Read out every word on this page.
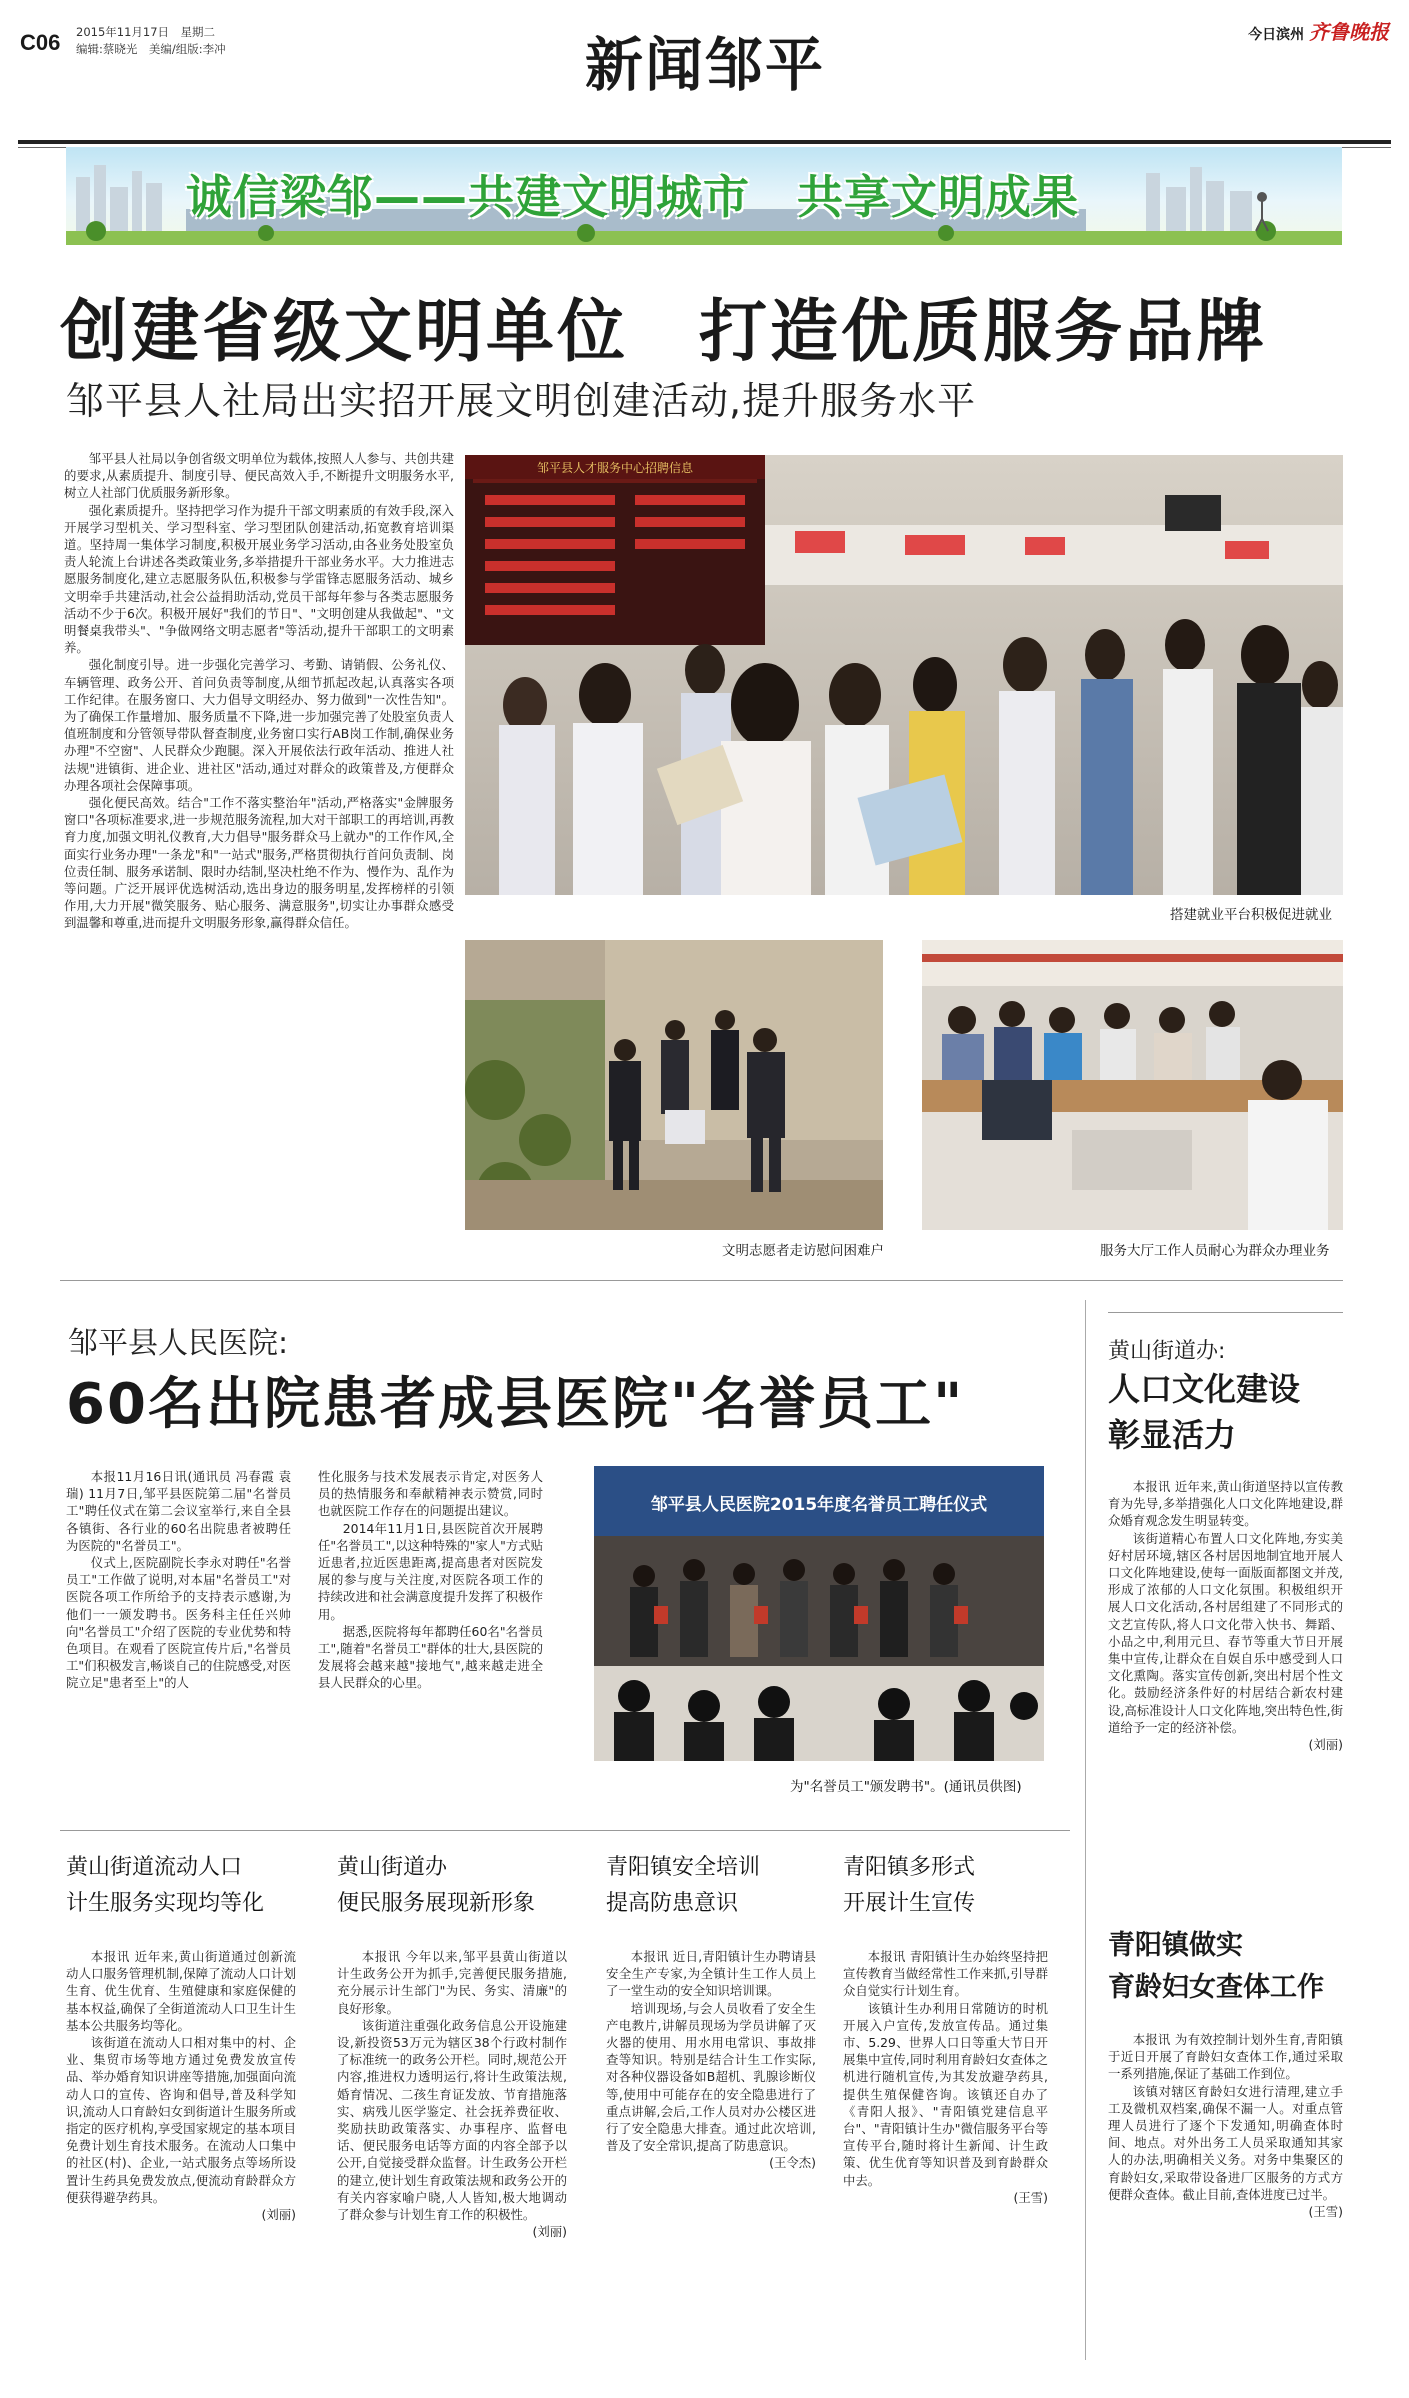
C06 2015年11月17日　星期二
编辑:蔡晓光　美编/组版:李冲	新闻邹平	今日滨州 齐鲁晚报
诚信梁邹——共建文明城市　共享文明成果
创建省级文明单位　打造优质服务品牌
邹平县人社局出实招开展文明创建活动,提升服务水平

邹平县人社局以争创省级文明单位为载体,按照人人参与、共创共建的要求,从素质提升、制度引导、便民高效入手,不断提升文明服务水平,树立人社部门优质服务新形象。

强化素质提升。坚持把学习作为提升干部文明素质的有效手段,深入开展学习型机关、学习型科室、学习型团队创建活动,拓宽教育培训渠道。坚持周一集体学习制度,积极开展业务学习活动,由各业务处股室负责人轮流上台讲述各类政策业务,多举措提升干部业务水平。大力推进志愿服务制度化,建立志愿服务队伍,积极参与学雷锋志愿服务活动、城乡文明牵手共建活动,社会公益捐助活动,党员干部每年参与各类志愿服务活动不少于6次。积极开展好"我们的节日"、"文明创建从我做起"、"文明餐桌我带头"、"争做网络文明志愿者"等活动,提升干部职工的文明素养。

强化制度引导。进一步强化完善学习、考勤、请销假、公务礼仪、车辆管理、政务公开、首问负责等制度,从细节抓起改起,认真落实各项工作纪律。在服务窗口、大力倡导文明经办、努力做到"一次性告知"。为了确保工作量增加、服务质量不下降,进一步加强完善了处股室负责人值班制度和分管领导带队督查制度,业务窗口实行AB岗工作制,确保业务办理"不空窗"、人民群众少跑腿。深入开展依法行政年活动、推进人社法规"进镇街、进企业、进社区"活动,通过对群众的政策普及,方便群众办理各项社会保障事项。

强化便民高效。结合"工作不落实整治年"活动,严格落实"金牌服务窗口"各项标准要求,进一步规范服务流程,加大对干部职工的再培训,再教育力度,加强文明礼仪教育,大力倡导"服务群众马上就办"的工作作风,全面实行业务办理"一条龙"和"一站式"服务,严格贯彻执行首问负责制、岗位责任制、服务承诺制、限时办结制,坚决杜绝不作为、慢作为、乱作为等问题。广泛开展评优选树活动,选出身边的服务明星,发挥榜样的引领作用,大力开展"微笑服务、贴心服务、满意服务",切实让办事群众感受到温馨和尊重,进而提升文明服务形象,赢得群众信任。

邹平县人才服务中心招聘信息
搭建就业平台积极促进就业
文明志愿者走访慰问困难户	服务大厅工作人员耐心为群众办理业务
邹平县人民医院:
60名出院患者成县医院"名誉员工"

本报11月16日讯(通讯员 冯春霞 袁瑞) 11月7日,邹平县医院第二届"名誉员工"聘任仪式在第二会议室举行,来自全县各镇街、各行业的60名出院患者被聘任为医院的"名誉员工"。

仪式上,医院副院长李永对聘任"名誉员工"工作做了说明,对本届"名誉员工"对医院各项工作所给予的支持表示感谢,为他们一一颁发聘书。医务科主任任兴帅向"名誉员工"介绍了医院的专业优势和特色项目。在观看了医院宣传片后,"名誉员工"们积极发言,畅谈自己的住院感受,对医院立足"患者至上"的人

性化服务与技术发展表示肯定,对医务人员的热情服务和奉献精神表示赞赏,同时也就医院工作存在的问题提出建议。

2014年11月1日,县医院首次开展聘任"名誉员工",以这种特殊的"家人"方式贴近患者,拉近医患距离,提高患者对医院发展的参与度与关注度,对医院各项工作的持续改进和社会满意度提升发挥了积极作用。

据悉,医院将每年都聘任60名"名誉员工",随着"名誉员工"群体的壮大,县医院的发展将会越来越"接地气",越来越走进全县人民群众的心里。

邹平县人民医院2015年度名誉员工聘任仪式
为"名誉员工"颁发聘书"。(通讯员供图)
黄山街道办:
人口文化建设
彰显活力

本报讯 近年来,黄山街道坚持以宣传教育为先导,多举措强化人口文化阵地建设,群众婚育观念发生明显转变。

该街道精心布置人口文化阵地,夯实美好村居环境,辖区各村居因地制宜地开展人口文化阵地建设,使每一面版面都图文并茂,形成了浓郁的人口文化氛围。积极组织开展人口文化活动,各村居组建了不同形式的文艺宣传队,将人口文化带入快书、舞蹈、小品之中,利用元旦、春节等重大节日开展集中宣传,让群众在自娱自乐中感受到人口文化熏陶。落实宣传创新,突出村居个性文化。鼓励经济条件好的村居结合新农村建设,高标准设计人口文化阵地,突出特色性,街道给予一定的经济补偿。

(刘丽)
黄山街道流动人口
计生服务实现均等化

本报讯 近年来,黄山街道通过创新流动人口服务管理机制,保障了流动人口计划生育、优生优育、生殖健康和家庭保健的基本权益,确保了全街道流动人口卫生计生基本公共服务均等化。

该街道在流动人口相对集中的村、企业、集贸市场等地方通过免费发放宣传品、举办婚育知识讲座等措施,加强面向流动人口的宣传、咨询和倡导,普及科学知识,流动人口育龄妇女到街道计生服务所或指定的医疗机构,享受国家规定的基本项目免费计划生育技术服务。在流动人口集中的社区(村)、企业,一站式服务点等场所设置计生药具免费发放点,便流动育龄群众方便获得避孕药具。

(刘丽)
黄山街道办
便民服务展现新形象

本报讯 今年以来,邹平县黄山街道以计生政务公开为抓手,完善便民服务措施,充分展示计生部门"为民、务实、清廉"的良好形象。

该街道注重强化政务信息公开设施建设,新投资53万元为辖区38个行政村制作了标准统一的政务公开栏。同时,规范公开内容,推进权力透明运行,将计生政策法规,婚育情况、二孩生育证发放、节育措施落实、病残儿医学鉴定、社会抚养费征收、奖励扶助政策落实、办事程序、监督电话、便民服务电话等方面的内容全部予以公开,自觉接受群众监督。计生政务公开栏的建立,使计划生育政策法规和政务公开的有关内容家喻户晓,人人皆知,极大地调动了群众参与计划生育工作的积极性。

(刘丽)
青阳镇安全培训
提高防患意识

本报讯 近日,青阳镇计生办聘请县安全生产专家,为全镇计生工作人员上了一堂生动的安全知识培训课。

培训现场,与会人员收看了安全生产电教片,讲解员现场为学员讲解了灭火器的使用、用水用电常识、事故排查等知识。特别是结合计生工作实际,对各种仪器设备如B超机、乳腺诊断仪等,使用中可能存在的安全隐患进行了重点讲解,会后,工作人员对办公楼区进行了安全隐患大排查。通过此次培训,普及了安全常识,提高了防患意识。

(王令杰)
青阳镇多形式
开展计生宣传

本报讯 青阳镇计生办始终坚持把宣传教育当做经常性工作来抓,引导群众自觉实行计划生育。

该镇计生办利用日常随访的时机开展入户宣传,发放宣传品。通过集市、5.29、世界人口日等重大节日开展集中宣传,同时利用育龄妇女查体之机进行随机宣传,为其发放避孕药具,提供生殖保健咨询。该镇还自办了《青阳人报》、"青阳镇党建信息平台"、"青阳镇计生办"微信服务平台等宣传平台,随时将计生新闻、计生政策、优生优育等知识普及到育龄群众中去。

(王雪)
青阳镇做实
育龄妇女查体工作

本报讯 为有效控制计划外生育,青阳镇于近日开展了育龄妇女查体工作,通过采取一系列措施,保证了基础工作到位。

该镇对辖区育龄妇女进行清理,建立手工及微机双档案,确保不漏一人。对重点管理人员进行了逐个下发通知,明确查体时间、地点。对外出务工人员采取通知其家人的办法,明确相关义务。对务中集聚区的育龄妇女,采取带设备进厂区服务的方式方便群众查体。截止目前,查体进度已过半。

(王雪)
